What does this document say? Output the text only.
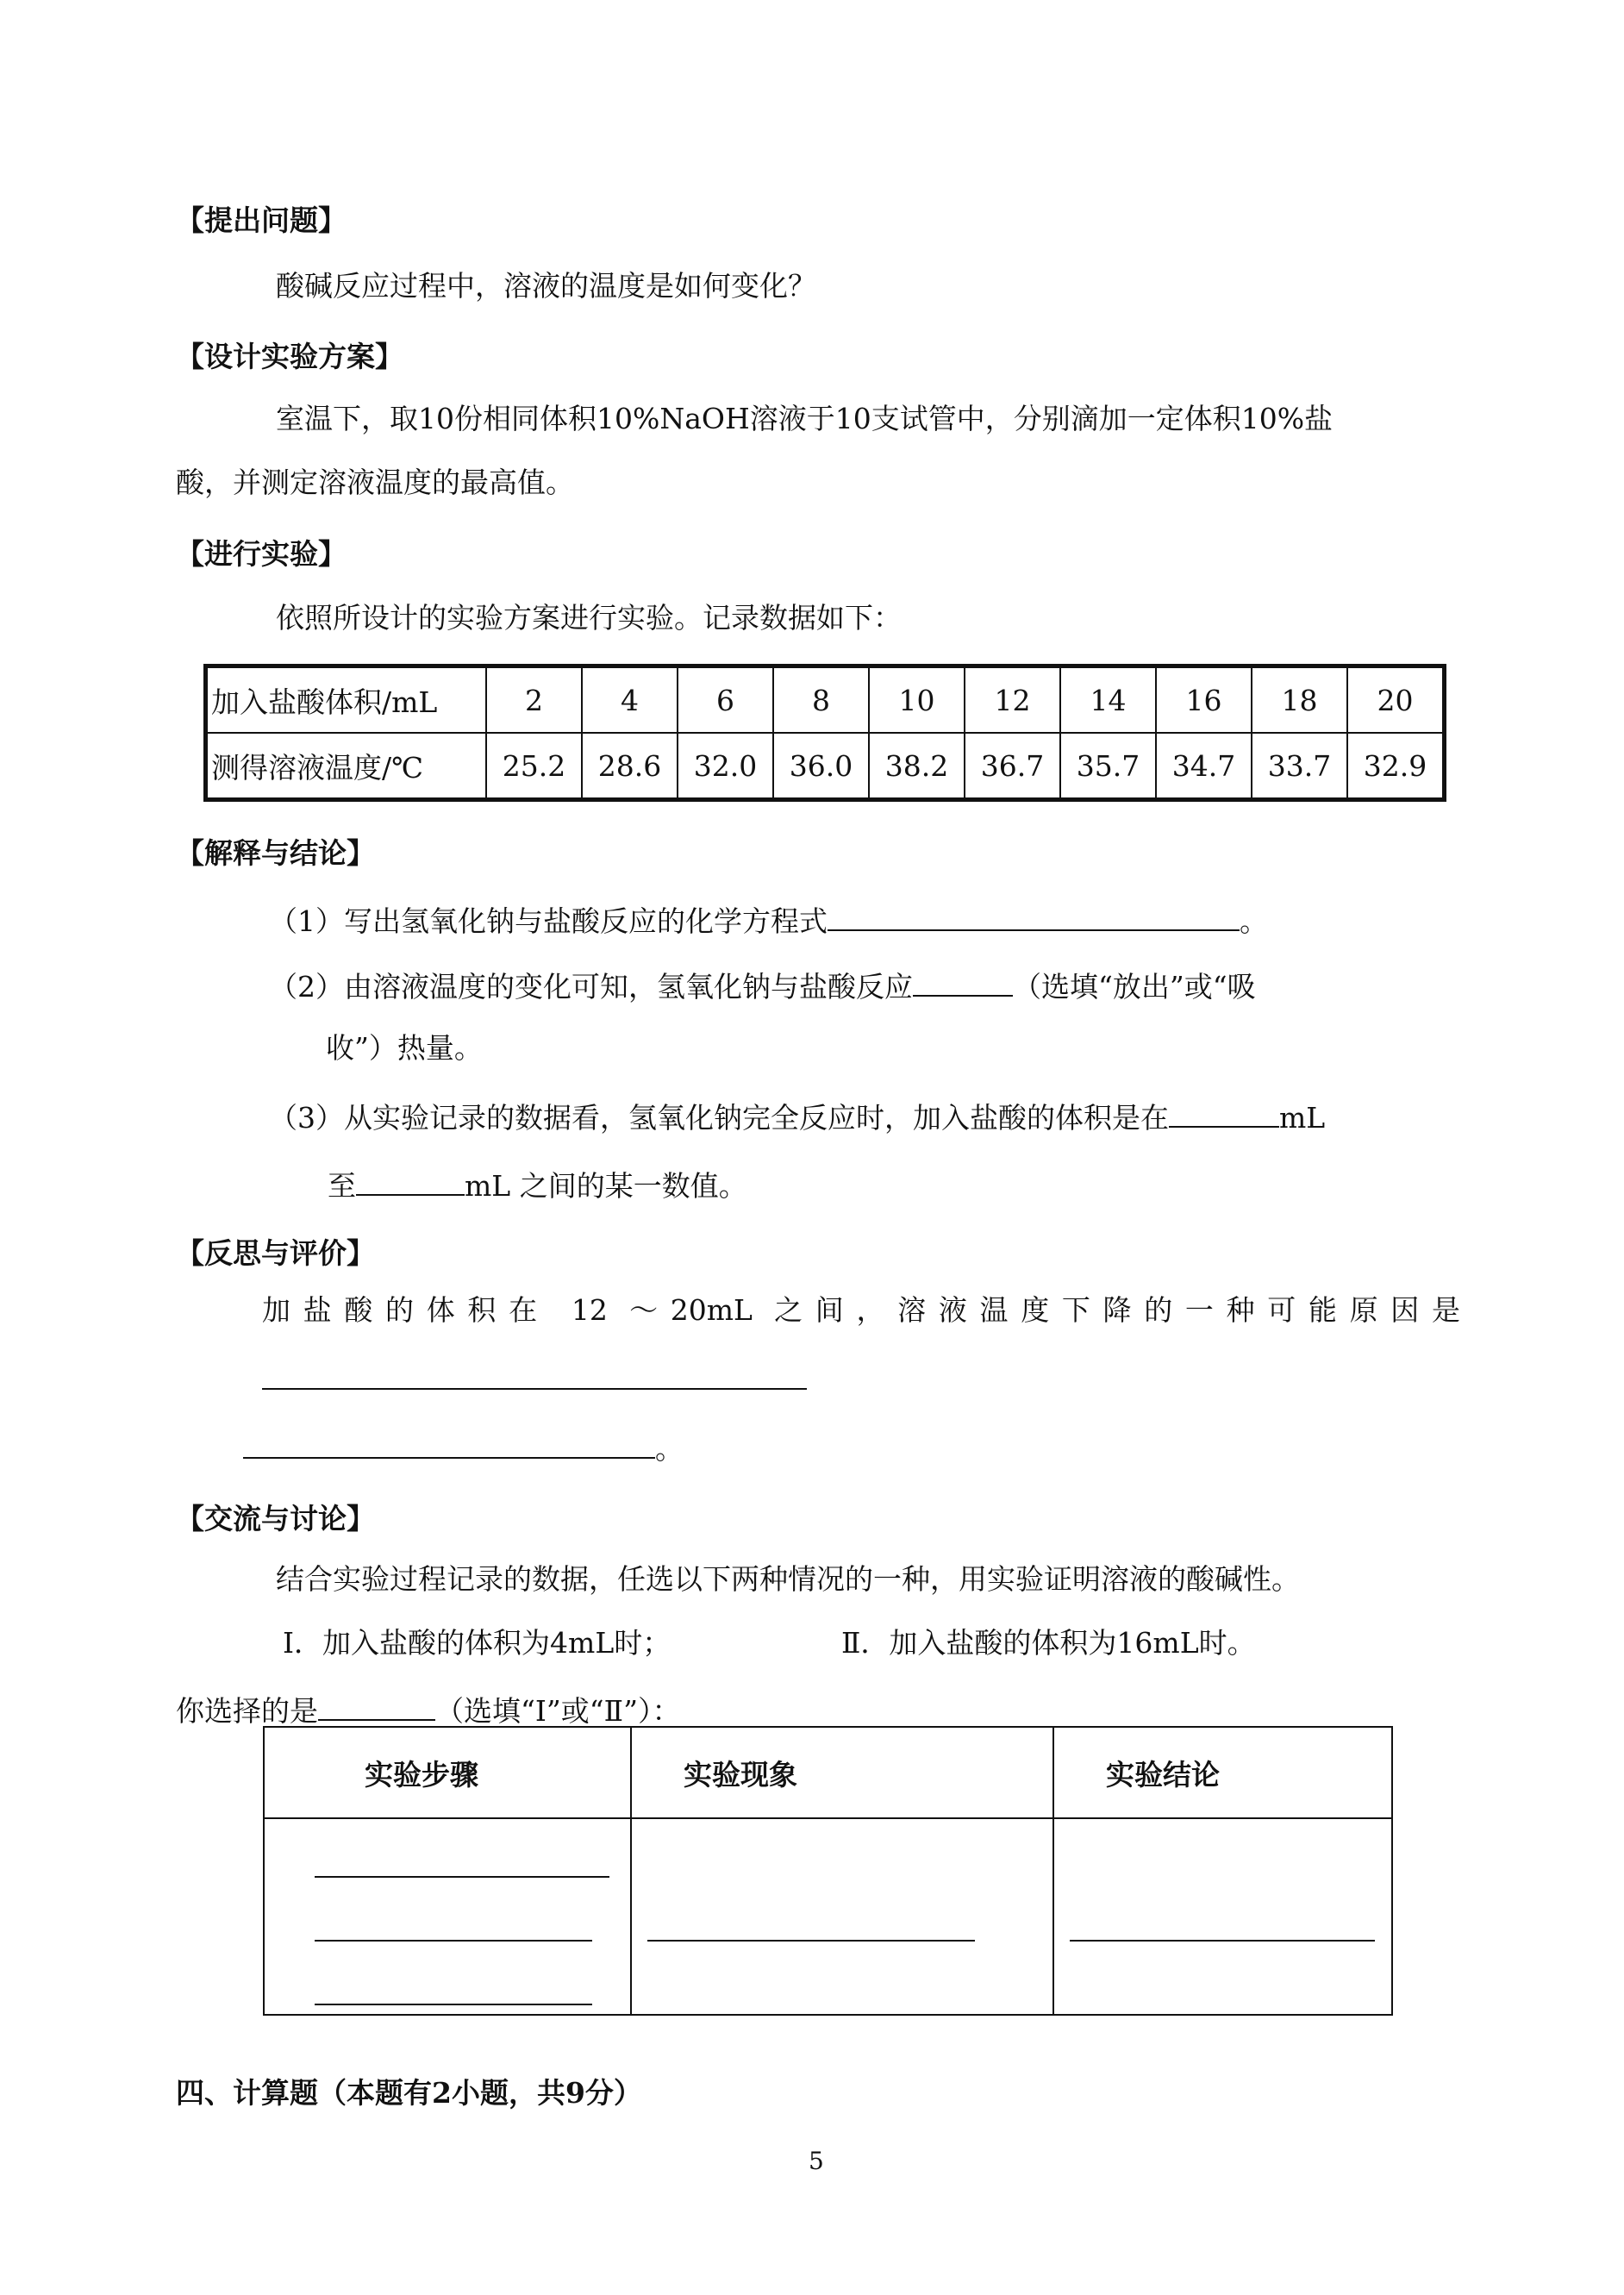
【提出问题】
酸碱反应过程中，溶液的温度是如何变化？
【设计实验方案】
室温下，取10份相同体积10%NaOH溶液于10支试管中，分别滴加一定体积10%盐
酸，并测定溶液温度的最高值。
【进行实验】
依照所设计的实验方案进行实验。记录数据如下：
加入盐酸体积/mL	2	4	6	8	10	12	14	16	18	20
测得溶液温度/℃	25.2	28.6	32.0	36.0	38.2	36.7	35.7	34.7	33.7	32.9
【解释与结论】
（1）写出氢氧化钠与盐酸反应的化学方程式	。
（2）由溶液温度的变化可知，氢氧化钠与盐酸反应	（选填“放出”或“吸
收”）热量。
（3）从实验记录的数据看，氢氧化钠完全反应时，加入盐酸的体积是在	mL
至	mL 之间的某一数值。
【反思与评价】
加盐酸的体积在 12 ～20mL 之间，溶液温度下降的一种可能原因是
。
【交流与讨论】
结合实验过程记录的数据，任选以下两种情况的一种，用实验证明溶液的酸碱性。
Ⅰ．加入盐酸的体积为4mL时；	Ⅱ．加入盐酸的体积为16mL时。
你选择的是	（选填“Ⅰ”或“Ⅱ”）：
实验步骤	实验现象	实验结论

四、计算题（本题有2小题，共9分）
5
